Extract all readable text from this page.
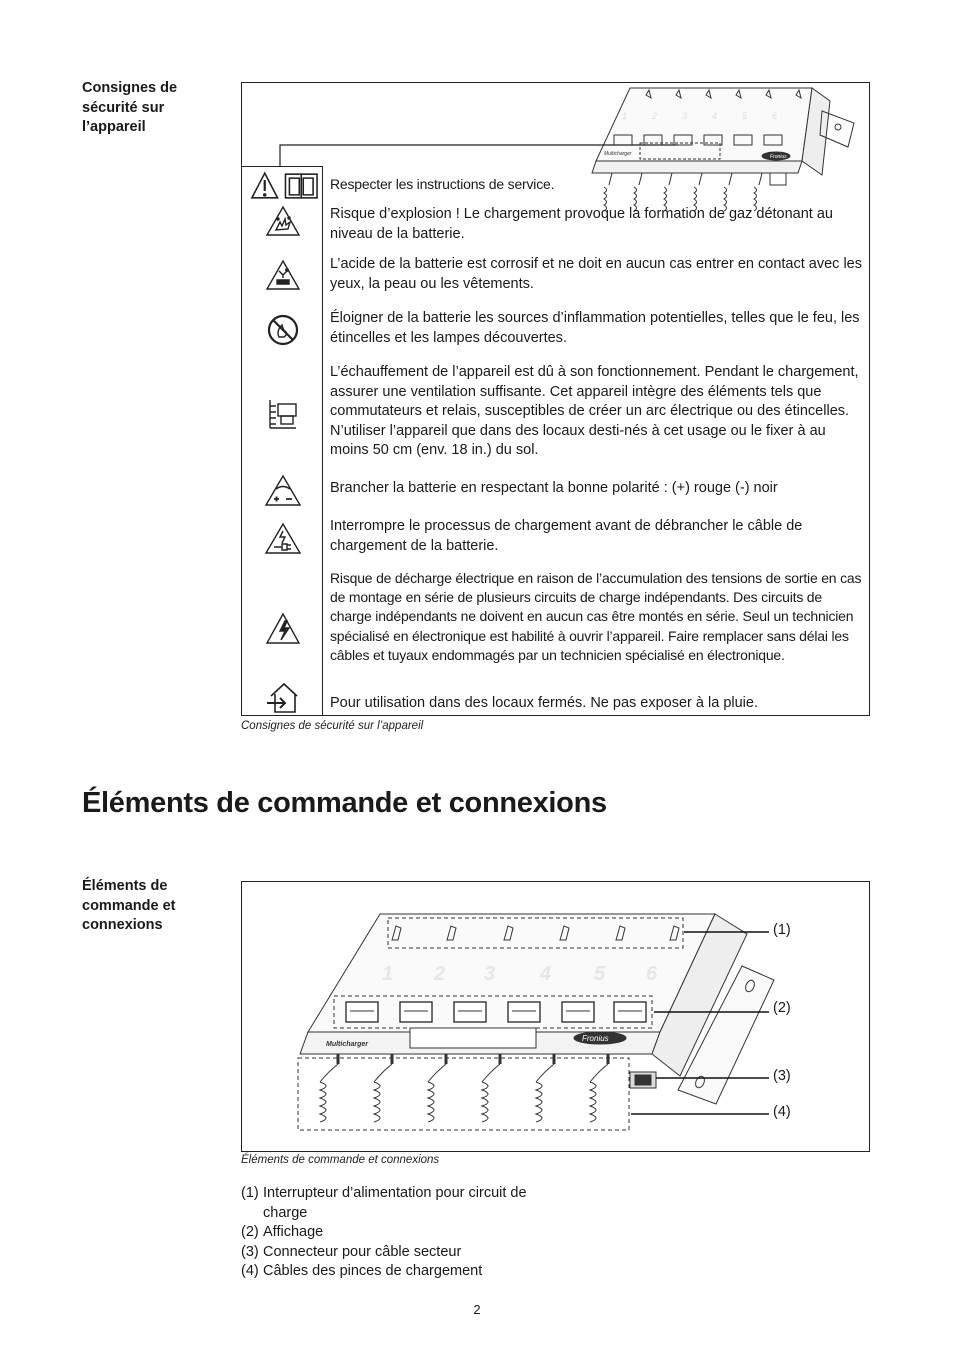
Consignes de sécurité sur l’appareil
Multicharger	Fronius
1	2	3	4	5	6
Respecter les instructions de service.
Risque d’explosion ! Le chargement provoque la formation de gaz détonant au niveau de la batterie.
L’acide de la batterie est corrosif et ne doit en aucun cas entrer en contact avec les yeux, la peau ou les vêtements.
Éloigner de la batterie les sources d’inflammation potentielles, telles que le feu, les étincelles et les lampes découvertes.
L’échauffement de l’appareil est dû à son fonctionnement. Pendant le chargement, assurer une ventilation suffisante. Cet appareil intègre des éléments tels que commutateurs et relais, susceptibles de créer un arc électrique ou des étincelles. N’utiliser l’appareil que dans des locaux desti-nés à cet usage ou le fixer à au moins 50 cm (env. 18 in.) du sol.
Brancher la batterie en respectant la bonne polarité : (+) rouge (-) noir
Interrompre le processus de chargement avant de débrancher le câble de chargement de la batterie.
Risque de décharge électrique en raison de l’accumulation des tensions de sortie en cas de montage en série de plusieurs circuits de charge indépendants. Des circuits de charge indépendants ne doivent en aucun cas être montés en série. Seul un technicien spécialisé en électronique est habilité à ouvrir l’appareil. Faire remplacer sans délai les câbles et tuyaux endommagés par un technicien spécialisé en électronique.
Pour utilisation dans des locaux fermés. Ne pas exposer à la pluie.
Consignes de sécurité sur l’appareil
Éléments de commande et connexions
Éléments de commande et connexions
Multicharger
Fronius
1 2 3 4 5 6
(1)
(2)
(3)
(4)
Éléments de commande et connexions
(1) Interrupteur d’alimentation pour circuit de charge
(2) Affichage
(3) Connecteur pour câble secteur
(4) Câbles des pinces de chargement
2
